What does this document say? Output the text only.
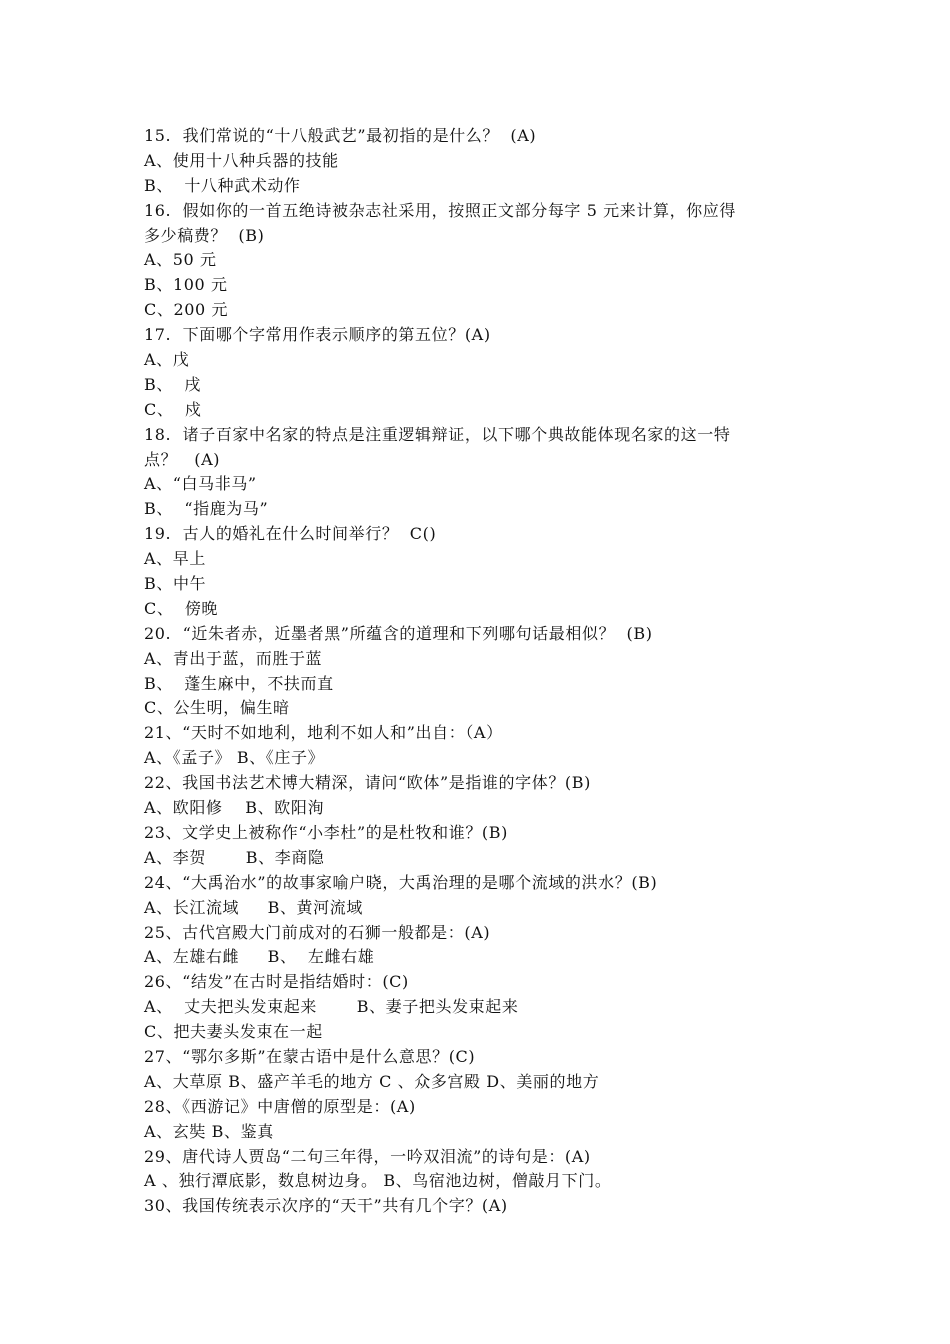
15.  我们常说的“十八般武艺”最初指的是什么？  (A)
A、使用十八种兵器的技能
B、  十八种武术动作
16.  假如你的一首五绝诗被杂志社采用，按照正文部分每字 5 元来计算，你应得
多少稿费？  (B)
A、50 元
B、100 元
C、200 元
17.  下面哪个字常用作表示顺序的第五位？(A)
A、戊
B、  戌
C、  戍
18.  诸子百家中名家的特点是注重逻辑辩证，以下哪个典故能体现名家的这一特
点？   (A)
A、“白马非马”
B、  “指鹿为马”
19.  古人的婚礼在什么时间举行？  C()
A、早上
B、中午
C、  傍晚
20.  “近朱者赤，近墨者黑”所蕴含的道理和下列哪句话最相似？  (B)
A、青出于蓝，而胜于蓝
B、  蓬生麻中，不扶而直
C、公生明，偏生暗
21、“天时不如地利，地利不如人和”出自：（A）
A、《孟子》 B、《庄子》
22、我国书法艺术博大精深，请问“欧体”是指谁的字体？(B)
A、欧阳修    B、欧阳洵
23、文学史上被称作“小李杜”的是杜牧和谁？(B)
A、李贺       B、李商隐
24、“大禹治水”的故事家喻户晓，大禹治理的是哪个流域的洪水？(B)
A、长江流域     B、黄河流域
25、古代宫殿大门前成对的石狮一般都是：(A)
A、左雄右雌     B、  左雌右雄
26、“结发”在古时是指结婚时：(C)
A、  丈夫把头发束起来       B、妻子把头发束起来
C、把夫妻头发束在一起
27、“鄂尔多斯”在蒙古语中是什么意思？(C)
A、大草原 B、盛产羊毛的地方 C 、众多宫殿 D、美丽的地方
28、《西游记》中唐僧的原型是：(A)
A、玄奘 B、鉴真
29、唐代诗人贾岛“二句三年得，一吟双泪流”的诗句是：(A)
A 、独行潭底影，数息树边身。 B、鸟宿池边树，僧敲月下门。
30、我国传统表示次序的“天干”共有几个字？(A)
